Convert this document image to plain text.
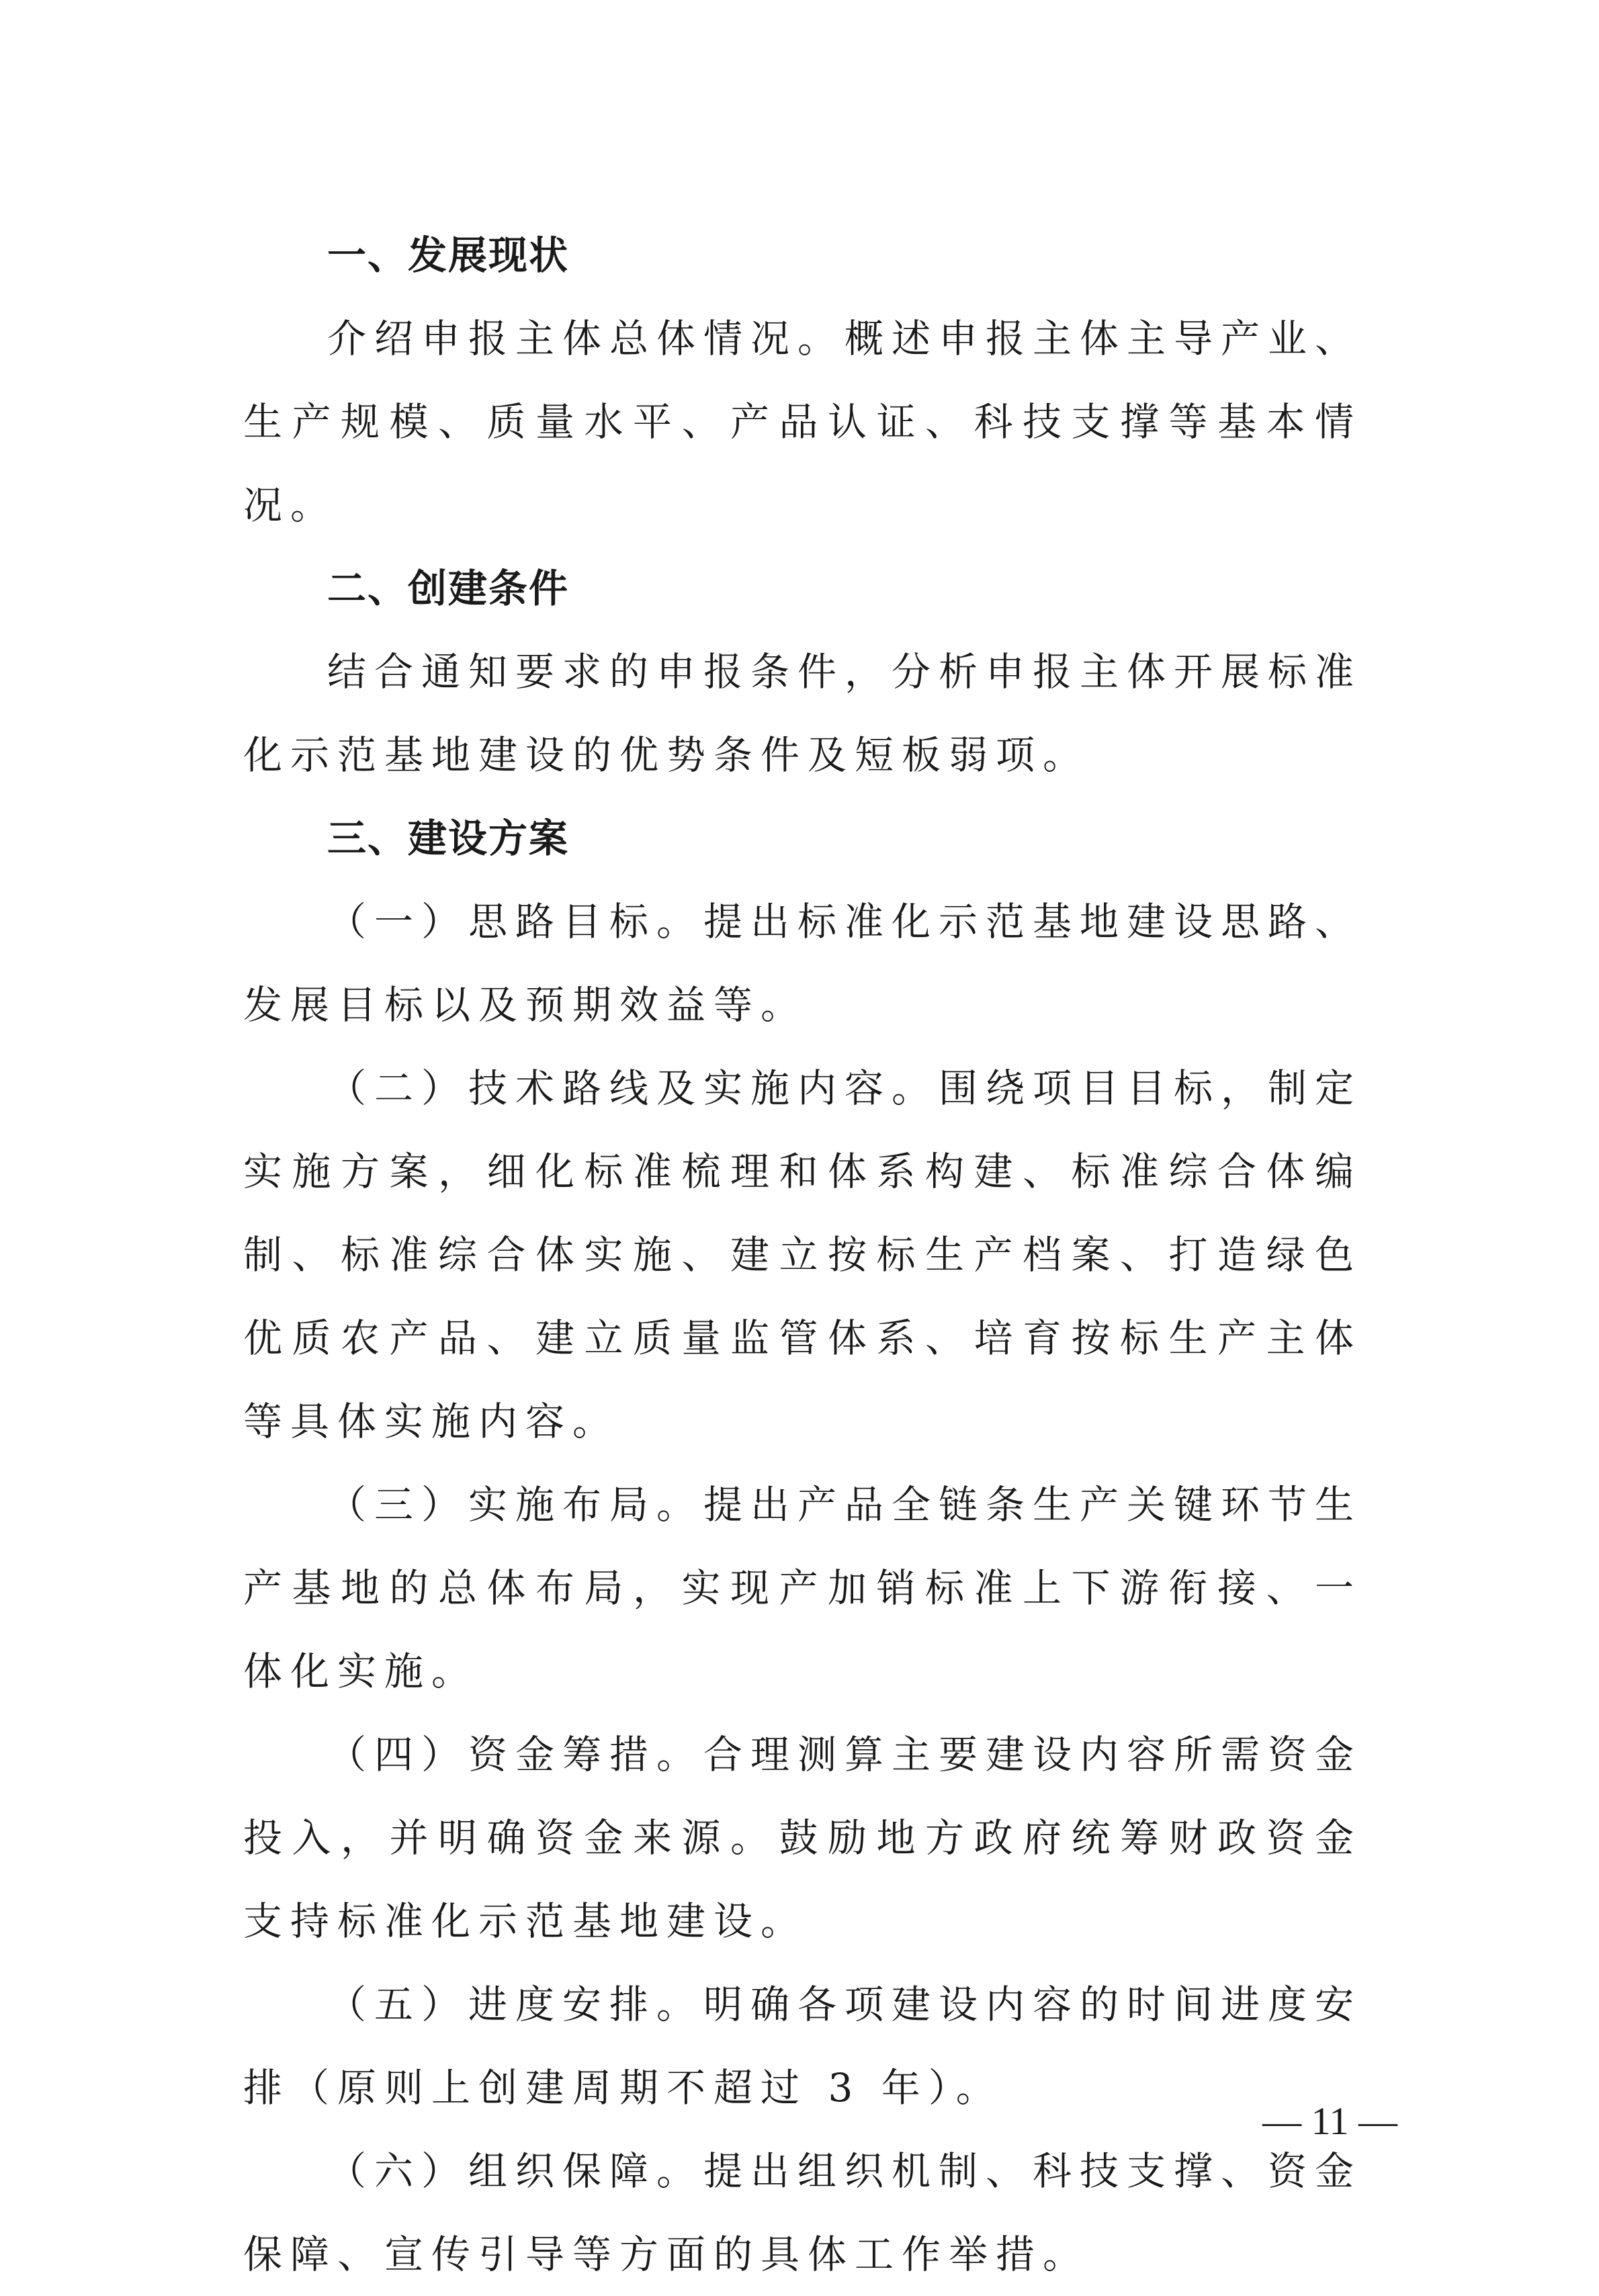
一、发展现状

介绍申报主体总体情况。概述申报主体主导产业、生产规模、质量水平、产品认证、科技支撑等基本情况。

二、创建条件

结合通知要求的申报条件，分析申报主体开展标准化示范基地建设的优势条件及短板弱项。

三、建设方案

（一）思路目标。提出标准化示范基地建设思路、发展目标以及预期效益等。

（二）技术路线及实施内容。围绕项目目标，制定实施方案，细化标准梳理和体系构建、标准综合体编制、标准综合体实施、建立按标生产档案、打造绿色优质农产品、建立质量监管体系、培育按标生产主体等具体实施内容。

（三）实施布局。提出产品全链条生产关键环节生产基地的总体布局，实现产加销标准上下游衔接、一体化实施。

（四）资金筹措。合理测算主要建设内容所需资金投入，并明确资金来源。鼓励地方政府统筹财政资金支持标准化示范基地建设。

（五）进度安排。明确各项建设内容的时间进度安排（原则上创建周期不超过 3 年）。

（六）组织保障。提出组织机制、科技支撑、资金保障、宣传引导等方面的具体工作举措。

— 11 —
